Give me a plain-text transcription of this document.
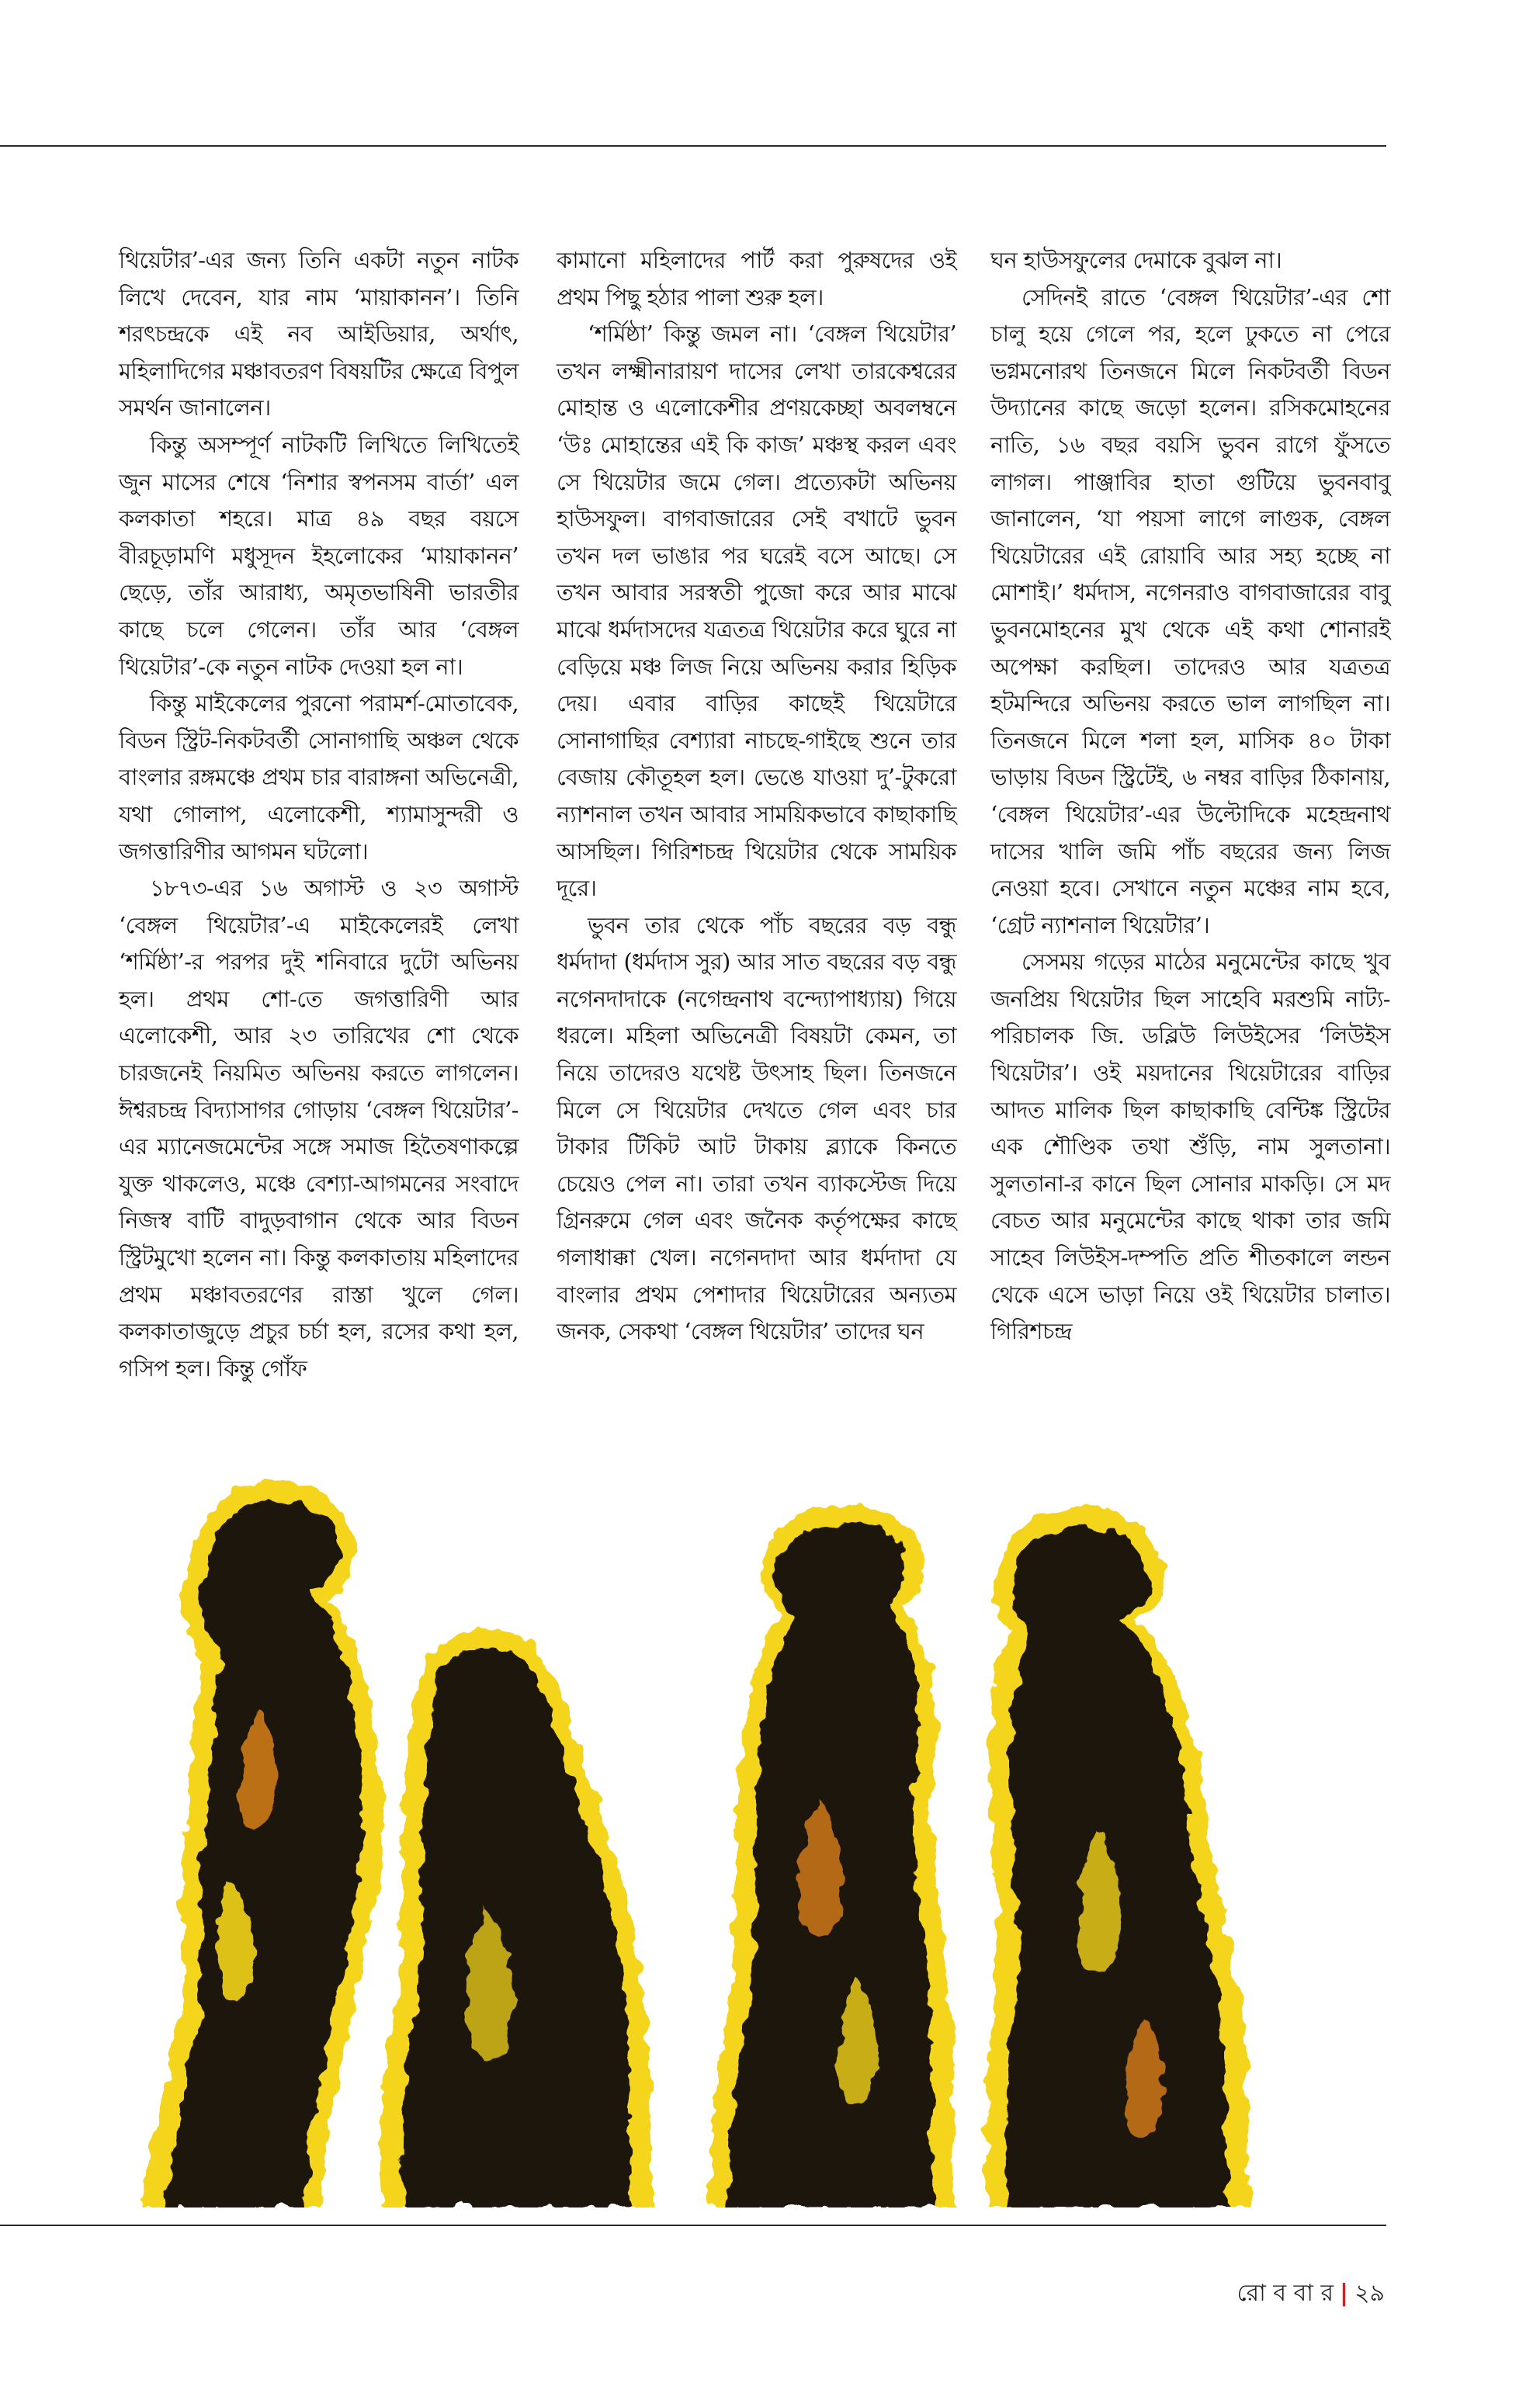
থিয়েটার’-এর জন্য তিনি একটা নতুন নাটক লিখে দেবেন, যার নাম ‘মায়াকানন’। তিনি শরৎচন্দ্রকে এই নব আইডিয়ার, অর্থাৎ, মহিলাদিগের মঞ্চাবতরণ বিষয়টির ক্ষেত্রে বিপুল সমর্থন জানালেন।

কিন্তু অসম্পূর্ণ নাটকটি লিখিতে লিখিতেই জুন মাসের শেষে ‘নিশার স্বপনসম বার্তা’ এল কলকাতা শহরে। মাত্র ৪৯ বছর বয়সে বীরচূড়ামণি মধুসূদন ইহলোকের ‘মায়াকানন’ ছেড়ে, তাঁর আরাধ্য, অমৃতভাষিনী ভারতীর কাছে চলে গেলেন। তাঁর আর ‘বেঙ্গল থিয়েটার’-কে নতুন নাটক দেওয়া হল না।

কিন্তু মাইকেলের পুরনো পরামর্শ-মোতাবেক, বিডন স্ট্রিট-নিকটবর্তী সোনাগাছি অঞ্চল থেকে বাংলার রঙ্গমঞ্চে প্রথম চার বারাঙ্গনা অভিনেত্রী, যথা গোলাপ, এলোকেশী, শ্যামাসুন্দরী ও জগত্তারিণীর আগমন ঘটলো।

১৮৭৩-এর ১৬ অগাস্ট ও ২৩ অগাস্ট ‘বেঙ্গল থিয়েটার’-এ মাইকেলেরই লেখা ‘শর্মিষ্ঠা’-র পরপর দুই শনিবারে দুটো অভিনয় হল। প্রথম শো-তে জগত্তারিণী আর এলোকেশী, আর ২৩ তারিখের শো থেকে চারজনেই নিয়মিত অভিনয় করতে লাগলেন। ঈশ্বরচন্দ্র বিদ্যাসাগর গোড়ায় ‘বেঙ্গল থিয়েটার’-এর ম্যানেজমেন্টের সঙ্গে সমাজ হিতৈষণাকল্পে যুক্ত থাকলেও, মঞ্চে বেশ্যা-আগমনের সংবাদে নিজস্ব বাটি বাদুড়বাগান থেকে আর বিডন স্ট্রিটমুখো হলেন না। কিন্তু কলকাতায় মহিলাদের প্রথম মঞ্চাবতরণের রাস্তা খুলে গেল। কলকাতাজুড়ে প্রচুর চর্চা হল, রসের কথা হল, গসিপ হল। কিন্তু গোঁফ

কামানো মহিলাদের পার্ট করা পুরুষদের ওই প্রথম পিছু হঠার পালা শুরু হল।

‘শর্মিষ্ঠা’ কিন্তু জমল না। ‘বেঙ্গল থিয়েটার’ তখন লক্ষ্মীনারায়ণ দাসের লেখা তারকেশ্বরের মোহান্ত ও এলোকেশীর প্রণয়কেচ্ছা অবলম্বনে ‘উঃ মোহান্তের এই কি কাজ’ মঞ্চস্থ করল এবং সে থিয়েটার জমে গেল। প্রত্যেকটা অভিনয় হাউসফুল। বাগবাজারের সেই বখাটে ভুবন তখন দল ভাঙার পর ঘরেই বসে আছে। সে তখন আবার সরস্বতী পুজো করে আর মাঝে মাঝে ধর্মদাসদের যত্রতত্র থিয়েটার করে ঘুরে না বেড়িয়ে মঞ্চ লিজ নিয়ে অভিনয় করার হিড়িক দেয়। এবার বাড়ির কাছেই থিয়েটারে সোনাগাছির বেশ্যারা নাচছে-গাইছে শুনে তার বেজায় কৌতূহল হল। ভেঙে যাওয়া দু’-টুকরো ন্যাশনাল তখন আবার সাময়িকভাবে কাছাকাছি আসছিল। গিরিশচন্দ্র থিয়েটার থেকে সাময়িক দূরে।

ভুবন তার থেকে পাঁচ বছরের বড় বন্ধু ধর্মদাদা (ধর্মদাস সুর) আর সাত বছরের বড় বন্ধু নগেনদাদাকে (নগেন্দ্রনাথ বন্দ্যোপাধ্যায়) গিয়ে ধরলে। মহিলা অভিনেত্রী বিষয়টা কেমন, তা নিয়ে তাদেরও যথেষ্ট উৎসাহ ছিল। তিনজনে মিলে সে থিয়েটার দেখতে গেল এবং চার টাকার টিকিট আট টাকায় ব্ল্যাকে কিনতে চেয়েও পেল না। তারা তখন ব্যাকস্টেজ দিয়ে গ্রিনরুমে গেল এবং জনৈক কর্তৃপক্ষের কাছে গলাধাক্কা খেল। নগেনদাদা আর ধর্মদাদা যে বাংলার প্রথম পেশাদার থিয়েটারের অন্যতম জনক, সেকথা ‘বেঙ্গল থিয়েটার’ তাদের ঘন

ঘন হাউসফুলের দেমাকে বুঝল না।

সেদিনই রাতে ‘বেঙ্গল থিয়েটার’-এর শো চালু হয়ে গেলে পর, হলে ঢুকতে না পেরে ভগ্নমনোরথ তিনজনে মিলে নিকটবর্তী বিডন উদ্যানের কাছে জড়ো হলেন। রসিকমোহনের নাতি, ১৬ বছর বয়সি ভুবন রাগে ফুঁসতে লাগল। পাঞ্জাবির হাতা গুটিয়ে ভুবনবাবু জানালেন, ‘যা পয়সা লাগে লাগুক, বেঙ্গল থিয়েটারের এই রোয়াবি আর সহ্য হচ্ছে না মোশাই।’ ধর্মদাস, নগেনরাও বাগবাজারের বাবু ভুবনমোহনের মুখ থেকে এই কথা শোনারই অপেক্ষা করছিল। তাদেরও আর যত্রতত্র হটমন্দিরে অভিনয় করতে ভাল লাগছিল না। তিনজনে মিলে শলা হল, মাসিক ৪০ টাকা ভাড়ায় বিডন স্ট্রিটেই, ৬ নম্বর বাড়ির ঠিকানায়, ‘বেঙ্গল থিয়েটার’-এর উল্টোদিকে মহেন্দ্রনাথ দাসের খালি জমি পাঁচ বছরের জন্য লিজ নেওয়া হবে। সেখানে নতুন মঞ্চের নাম হবে, ‘গ্রেট ন্যাশনাল থিয়েটার’।

সেসময় গড়ের মাঠের মনুমেন্টের কাছে খুব জনপ্রিয় থিয়েটার ছিল সাহেবি মরশুমি নাট্য-পরিচালক জি. ডব্লিউ লিউইসের ‘লিউইস থিয়েটার’। ওই ময়দানের থিয়েটারের বাড়ির আদত মালিক ছিল কাছাকাছি বেন্টিঙ্ক স্ট্রিটের এক শৌণ্ডিক তথা শুঁড়ি, নাম সুলতানা। সুলতানা-র কানে ছিল সোনার মাকড়ি। সে মদ বেচত আর মনুমেন্টের কাছে থাকা তার জমি সাহেব লিউইস-দম্পতি প্রতি শীতকালে লন্ডন থেকে এসে ভাড়া নিয়ে ওই থিয়েটার চালাত। গিরিশচন্দ্র

রো ব বা র | ২৯
